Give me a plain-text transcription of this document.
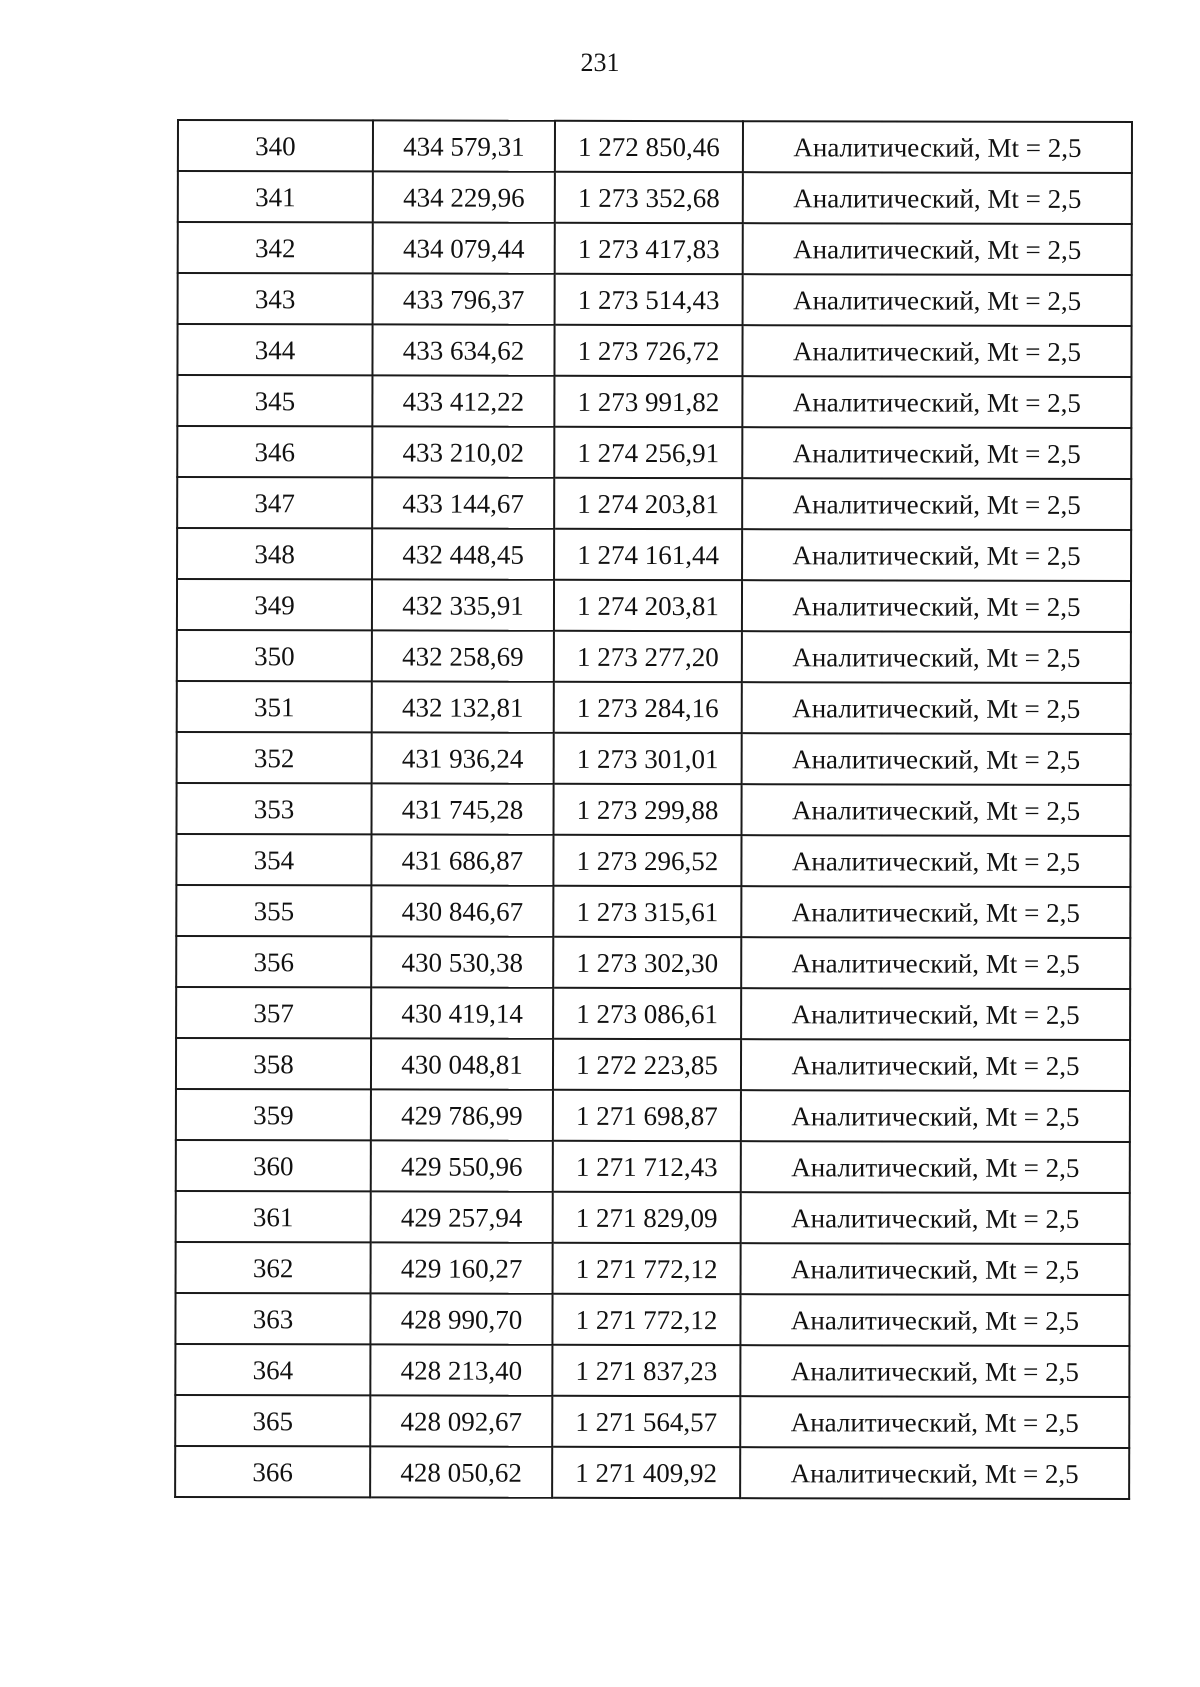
231
340	434 579,31	1 272 850,46	Аналитический, Mt = 2,5
341	434 229,96	1 273 352,68	Аналитический, Mt = 2,5
342	434 079,44	1 273 417,83	Аналитический, Mt = 2,5
343	433 796,37	1 273 514,43	Аналитический, Mt = 2,5
344	433 634,62	1 273 726,72	Аналитический, Mt = 2,5
345	433 412,22	1 273 991,82	Аналитический, Mt = 2,5
346	433 210,02	1 274 256,91	Аналитический, Mt = 2,5
347	433 144,67	1 274 203,81	Аналитический, Mt = 2,5
348	432 448,45	1 274 161,44	Аналитический, Mt = 2,5
349	432 335,91	1 274 203,81	Аналитический, Mt = 2,5
350	432 258,69	1 273 277,20	Аналитический, Mt = 2,5
351	432 132,81	1 273 284,16	Аналитический, Mt = 2,5
352	431 936,24	1 273 301,01	Аналитический, Mt = 2,5
353	431 745,28	1 273 299,88	Аналитический, Mt = 2,5
354	431 686,87	1 273 296,52	Аналитический, Mt = 2,5
355	430 846,67	1 273 315,61	Аналитический, Mt = 2,5
356	430 530,38	1 273 302,30	Аналитический, Mt = 2,5
357	430 419,14	1 273 086,61	Аналитический, Mt = 2,5
358	430 048,81	1 272 223,85	Аналитический, Mt = 2,5
359	429 786,99	1 271 698,87	Аналитический, Mt = 2,5
360	429 550,96	1 271 712,43	Аналитический, Mt = 2,5
361	429 257,94	1 271 829,09	Аналитический, Mt = 2,5
362	429 160,27	1 271 772,12	Аналитический, Mt = 2,5
363	428 990,70	1 271 772,12	Аналитический, Mt = 2,5
364	428 213,40	1 271 837,23	Аналитический, Mt = 2,5
365	428 092,67	1 271 564,57	Аналитический, Mt = 2,5
366	428 050,62	1 271 409,92	Аналитический, Mt = 2,5
